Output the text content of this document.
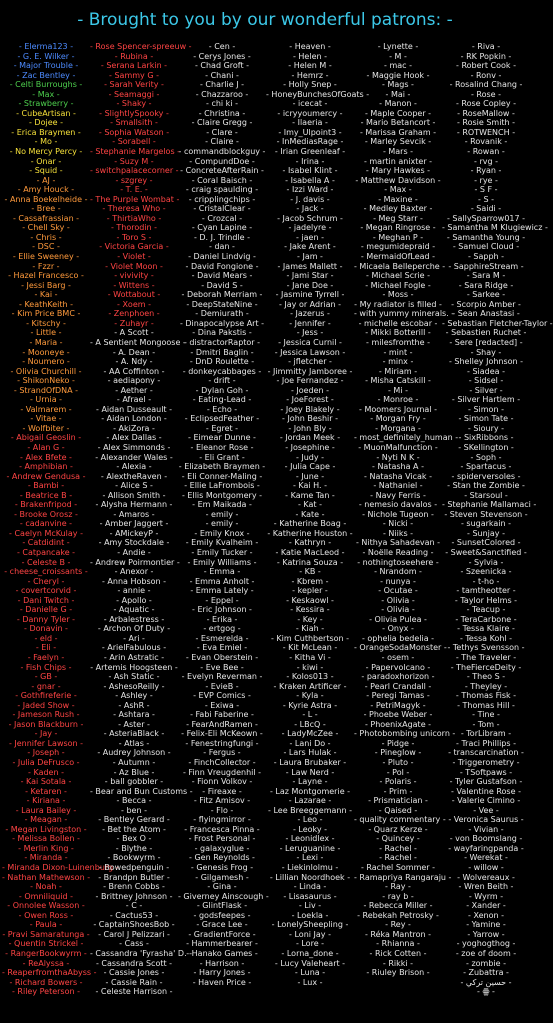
- Brought to you by our wonderful patrons: -
- Elerma123 -
- G. E. Wilker -
- Major Trouble -
- Zac Bentley -
- Celti Burroughs -
- Max -
- Strawberry -
- CubeArtisan -
- Dojee -
- Erica Braymen -
- Mo -
- No Mercy Percy -
- Onar -
- Squid -
- AJ -
- Amy Houck -
- Anna Boekelheide -
- Bree -
- Cassafrassian -
- Chell Sky -
- Chris -
- DSC -
- Ellie Sweeney -
- Fzzr -
- Hazel Francesco -
- Jessi Barg -
- Kai -
- KeathKeith -
- Kim Price BMC -
- Kitschy -
- Little -
- Maria -
- Mooneye -
- Noumero -
- Olivia Churchill -
- ShikonNeko -
- StrandOfDNA -
- Urnia -
- Valmarem -
- Vitae -
- Wolfbiter -
- Abigail Geoslin -
- Alan G -
- Alex Bfete -
- Amphibian -
- Andrew Gendusa -
- Bambi -
- Beatrice B -
- Brakenfripod -
- Brooke Orosz -
- cadanvine -
- Caelyn McKulay -
- Catdidint -
- Catpancake -
- Celeste B -
- cheese_croissants -
- Cheryl -
- covertcorvid -
- Dani Twitch -
- Danielle G -
- Danny Tyler -
- Donavin -
- eld -
- Eli -
- Faelyn -
- Fish Chips -
- GB -
- gnar -
- Gothfireferie -
- Jaded Show -
- Jameson Rush -
- Jason Blackburn -
- Jay -
- Jennifer Lawson -
- Joseph -
- Julia DeFrusco -
- Kaden -
- Kai Sotala -
- Ketaren -
- Kiriana -
- Laura Bailey -
- Meagan -
- Megan Livingston -
- Melissa Bollen -
- Merlin King -
- Miranda -
- Miranda Dixon-Luinenburg -
- Nathan Mathewson -
- Noah -
- Omniliquid -
- Onnolee Wasson -
- Owen Ross -
- Paula -
- Pravi Samaratunga -
- Quentin Strickel -
- RangerBookwyrm -
- ReAlyssa -
- ReaperfromthaAbyss -
- Richard Bowers -
- Riley Peterson -
- Rose Spencer-spreeuw -
- Rubina -
- Serana Larkin -
- Sammy G -
- Sarah Verity -
- Seamaggi -
- Shaky -
- SlightlySpooky -
- Smallsith -
- Sophia Watson -
- Sorabell -
- Stephanie Margelos -
- Suzy M -
- switchpalacecorner -
- szgrey -
- T. E. -
- The Purple Wombat -
- Theresa Who -
- ThirtiaWho -
- Thorodin -
- Toro S -
- Victoria Garcia -
- Violet -
- Violet Moon -
- vivivity -
- Wittens -
- Wottabout -
- Xoem -
- Zenphoen -
- Zuhayr -
- A Scott -
- A Sentient Mongoose -
- A. Dean -
- A. Ndy -
- AA Coffinton -
- aediapony -
- Aether -
- Afrael -
- Aidan Dusseault -
- Aidan London -
- AkiZora -
- Alex Dallas -
- Alex Simmonds -
- Alexander Wales -
- Alexia -
- AlextheRaven -
- Alice S -
- Allison Smith -
- Alysha Hermann -
- Amaros -
- Amber Jaggert -
- AMickeyP -
- Amy Stockdale -
- Andie -
- Andrew Poirmontier -
- Anexor -
- Anna Hobson -
- annie -
- Apollo -
- Aquatic -
- Arbalestress -
- Archon Of Duty -
- Ari -
- ArielFabulous -
- Arin Astratic -
- Artemis Hoogsteen -
- Ash Static -
- AshesoReilly -
- Ashley -
- AshR -
- Ashtara -
- Aster -
- AsteriaBlack -
- Atlas -
- Audrey Johnson -
- Autumn -
- Az Blue -
- ball gobbler -
- Bear and Bun Customs -
- Becca -
- ben -
- Bentley Gerard -
- Bet the Atom -
- Bex O -
- Blythe -
- Bookwyrm -
- Bowedpenguin -
- Brandpn Butler -
- Brenn Cobbs -
- Brittney Johnson -
- C -
- Cactus53 -
- CaptainShoesBob -
- Carol J Pelizzari -
- Cass -
- Cassandra 'Fyrasha' D. -
- Cassandra Scott -
- Cassie Jones -
- Cassie Rain -
- Celeste Harrison -
- Cen -
- Cerys Jones -
- Chad Groft -
- Chani -
- Charlie J -
- Chazzaroo -
- chi ki -
- Christina -
- Claire Gregg -
- Clare -
- Claire -
- commandblockguy -
- CompundDoe -
- ConcreteAfterRain -
- Coral Baisch -
- craig spaulding -
- cripplingchips -
- CristalClear -
- Crozcal -
- Cyan Lapine -
- D. J. Trindle -
- dan -
- Daniel Lindvig -
- David Fongione -
- David Mears -
- David S -
- Deborah Merriam -
- DeepStateNine -
- Demiurath -
- Dinapocalypse Art -
- Dina Pakstis -
- distractorRaptor -
- Dmitri Baglin -
- DnD Roulette -
- donkeycabbages -
- drift -
- Dylan Goh -
- Eating-Lead -
- Echo -
- EclipsedFeather -
- Egret -
- Eimear Dunne -
- Eleanor Rose -
- Eli Grant -
- Elizabeth Braymen -
- Eli Conner-Maling -
- Ellie LaFrombois -
- Ellis Montgomery -
- Em Maikada -
- emily -
- emily -
- Emily Knox -
- Emily Kvalheim -
- Emily Tucker -
- Emily Williams -
- Emma -
- Emma Anholt -
- Emma Lately -
- Eppel -
- Eric Johnson -
- Erika -
- ertgog -
- Esmerelda -
- Eva Emiel -
- Evan Oberstein -
- Eve Bee -
- Evelyn Reverman -
- EvieB -
- EVP Comics -
- Exiwa -
- Fabi Faberine -
- FearAndRamen -
- Felix-Eli McKeown -
- Fenestringfungi -
- Fergus -
- FinchCollector -
- Finn Vreugdenhil -
- Fionn Volkov -
- Fireaxe -
- Fitz Amisov -
- Flo -
- flyingmirror -
- Francesca Pinna -
- Frost Personal -
- galaxyglue -
- Gen Reynolds -
- Genesis Frog -
- Gilgamesh -
- Gina -
- Giverney Ainscough -
- GlintFlask -
- godsfeepes -
- Grace Lee -
- GradientForce -
- Hammerbearer -
- Hanako Games -
- Harrison -
- Harry Jones -
- Haven Price -
- Heaven -
- Helen -
- Helen M -
- Hemrz -
- Holly Snep -
- HoneyBunchesOfGoats -
- icecat -
- icryyoumercy -
- Ilaeria -
- Imy_Ulpoint3 -
- InMediasRage -
- Irian Greenleaf -
- Irina -
- Isabel Klint -
- Isabella A -
- Izzi Ward -
- J. davis -
- Jack -
- Jacob Schrum -
- jadelyre -
- jaen -
- Jake Arent -
- Jam -
- James Mallett -
- Jami Star -
- Jane Doe -
- Jasmine Tyrrell -
- Jay or Adrian -
- Jazerus -
- Jennifer -
- Jess -
- Jessica Curnil -
- Jessica Lawson -
- jfletcher -
- Jimmitty Jamboree -
- Joe Fernandez -
- Joeden -
- JoeForest -
- Joey Blakely -
- John Beshir -
- John Bly -
- Jordan Meek -
- Josephine -
- Judy -
- Julia Cape -
- June -
- Kai H. -
- Kame Tan -
- Kat -
- Kate -
- Katherine Boag -
- Katherine Houston -
- Kathryn -
- Katie MacLeod -
- Katrina Souza -
- KB -
- Kbrem -
- kepler -
- Keskaowl -
- Kessira -
- Key -
- Kiah -
- Kim Cuthbertson -
- Kit McLean -
- Kitha Vi -
- kiwi -
- Kolos013 -
- Kraken Artificer -
- Kyla -
- Kyrie Astra -
- L -
- LBcQ -
- LadyMcZee -
- Lani Do -
- Lars Hulak -
- Laura Brubaker -
- Law Nerd -
- Layne -
- Laz Montgomerie -
- Lazarae -
- Lee Breeggemann -
- Leo -
- Leoky -
- Leonidlex -
- Leruguanine -
- Lexi -
- Liekinlolmu -
- Lillian Noordhoek -
- Linda -
- Lisasaurus -
- Liv -
- Loekla -
- LonelySheepling -
- Loni Jay -
- Lore -
- Lorna_done -
- Lucy Valeheart -
- Luna -
- Lux -
- Lynette -
- M -
- mac -
- Maggie Hook -
- Mags -
- Mai -
- Manon -
- Maple Cooper -
- Mario Betancort -
- Marissa Graham -
- Marley Sevcik -
- Mars -
- martin anixter -
- Mary Hawkes -
- Matthew Davidson -
- Max -
- Maxine -
- Medley Baxter -
- Meg Starr -
- Megan Ringrose -
- Meghan P -
- megumidepraid -
- MermaidOfLead -
- Micaela Belleperche -
- Michael Scrie -
- Michael Fogle -
- Moss -
- My radiator is filled -
- with yummy minerals. -
- michelle escobar -
- Mikki Botterill -
- milesfromthe -
- mint -
- minx -
- Miriam -
- Misha Catskill -
- Mi -
- Monroe -
- Moomers Journal -
- Morgan Fry -
- Morgana -
- most_definitely_human -
- MuonMalfunction -
- Nyti N K -
- Natasha A -
- Natasha Vicak -
- Nathaniel -
- Navy Ferris -
- nemesio davalos -
- Nichole Tugeon -
- Nicki -
- Niiks -
- Nithya Sahadevan -
- Noëlle Reading -
- nothingtoseehere -
- Nrandom -
- nunya -
- Ocutae -
- Olivia -
- Olivia -
- Olivia Pulea -
- Onyx -
- ophelia bedelia -
- OrangeSodaMonster -
- osem -
- Papervolcano -
- paradoxhorizon -
- Pearl Crandall -
- Peregi Tamas -
- PetriMagyk -
- Phoebe Weber -
- PhoenixAgate -
- Photobombing unicorn -
- Pidge -
- Pineglow -
- Pluto -
- Pol -
- Polaris -
- Prim -
- Prismatician -
- Qaised -
- quality commentary -
- Quarz Kerze -
- Quincey -
- Rachel -
- Rachel -
- Rachel Sommer -
- Ramapriya Rangaraju -
- Ray -
- ray b -
- Rebecca Miller -
- Rebekah Petrosky -
- Rey -
- Réka Mantron -
- Rhianna -
- Rick Cotten -
- Rikki -
- Riuley Brison -
- Riva -
- RK Popkin -
- Robert Cook -
- Ronv -
- Rosalind Chang -
- Rose -
- Rose Copley -
- RoseMallow -
- Rosie Smith -
- ROTWENCH -
- Rovanik -
- Rowan -
- rvg -
- Ryan -
- rye -
- S F -
- S -
- Saidi -
- SallySparrow017 -
- Samantha M Klugiewicz -
- Samantha Young -
- Samuel Cloud -
- Sapph -
- SapphireStream -
- Sara M -
- Sara Ridge -
- Sarkee -
- Scorpio Amber -
- Sean Anastasi -
- Sebastian Fletcher-Taylor -
- Sebastien Ruchet -
- Sere [redacted] -
- Shay -
- Shelley Johnson -
- Siadea -
- Sidsel -
- Silver -
- Silver Hartlem -
- Simon -
- Simon Tate -
- Sioury -
- SixRibbons -
- SKellington -
- Soph -
- Spartacus -
- spiderversoles -
- Stan the Zombie -
- Starsoul -
- Stephanie Mallamaci -
- Steven Stevenson -
- sugarkain -
- Sunjay -
- SunsetColored -
- Sweet&Sanctified -
- Sylvia -
- Szeenicka -
- t-ho -
- tamtheotter -
- Taylor Helms -
- Teacup -
- TeraCarbone -
- Tessa Klaire -
- Tessa Kohl -
- Tethys Svensson -
- The Traveler -
- TheFierceDeity -
- Theo S -
- Theyley -
- Thomas Fisk -
- Thomas Hill -
- Tine -
- Tom -
- TorLibram -
- Traci Phillips -
- transcarcination -
- Triggerometry -
- TSoftpaws -
- Tyler Gustafson -
- Valentine Rose -
- Valerie Cimino -
- Vee -
- Veronica Saurus -
- Vivian -
- von Boomslang -
- wayfaringpanda -
- Werekat -
- willow -
- Wolvereaux -
- Wren Beith -
- Wyrm -
- Xander -
- Xenon -
- Yamine -
- Yarrow -
- yoghogthog -
- zoe of doom -
- zombie -
- Zubattra -
- حسين تركي -
- ꙮ -
